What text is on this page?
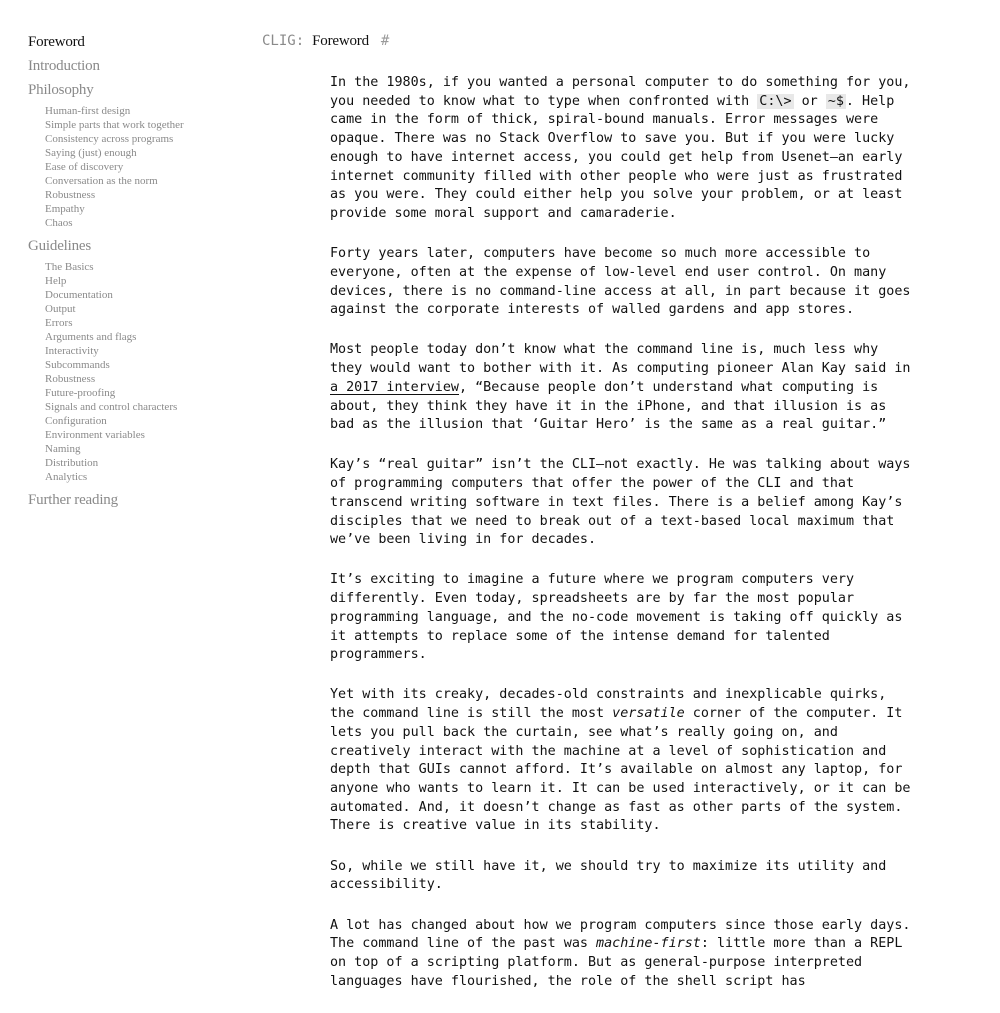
Foreword
Introduction
Philosophy
Human-first design
Simple parts that work together
Consistency across programs
Saying (just) enough
Ease of discovery
Conversation as the norm
Robustness
Empathy
Chaos
Guidelines
The Basics
Help
Documentation
Output
Errors
Arguments and flags
Interactivity
Subcommands
Robustness
Future-proofing
Signals and control characters
Configuration
Environment variables
Naming
Distribution
Analytics
Further reading
CLIG: Foreword #

In the 1980s, if you wanted a personal computer to do something for you, you needed to know what to type when confronted with C:\> or ~$ . Help came in the form of thick, spiral-bound manuals. Error messages were opaque. There was no Stack Overflow to save you. But if you were lucky enough to have internet access, you could get help from Usenet—an early internet community filled with other people who were just as frustrated as you were. They could either help you solve your problem, or at least provide some moral support and camaraderie.

Forty years later, computers have become so much more accessible to everyone, often at the expense of low-level end user control. On many devices, there is no command-line access at all, in part because it goes against the corporate interests of walled gardens and app stores.

Most people today don’t know what the command line is, much less why they would want to bother with it. As computing pioneer Alan Kay said in a 2017 interview, “Because people don’t understand what computing is about, they think they have it in the iPhone, and that illusion is as bad as the illusion that ‘Guitar Hero’ is the same as a real guitar.”

Kay’s “real guitar” isn’t the CLI—not exactly. He was talking about ways of programming computers that offer the power of the CLI and that transcend writing software in text files. There is a belief among Kay’s disciples that we need to break out of a text-based local maximum that we’ve been living in for decades.

It’s exciting to imagine a future where we program computers very differently. Even today, spreadsheets are by far the most popular programming language, and the no-code movement is taking off quickly as it attempts to replace some of the intense demand for talented programmers.

Yet with its creaky, decades-old constraints and inexplicable quirks, the command line is still the most versatile corner of the computer. It lets you pull back the curtain, see what’s really going on, and creatively interact with the machine at a level of sophistication and depth that GUIs cannot afford. It’s available on almost any laptop, for anyone who wants to learn it. It can be used interactively, or it can be automated. And, it doesn’t change as fast as other parts of the system. There is creative value in its stability.

So, while we still have it, we should try to maximize its utility and accessibility.

A lot has changed about how we program computers since those early days. The command line of the past was machine-first: little more than a REPL on top of a scripting platform. But as general-purpose interpreted languages have flourished, the role of the shell script has
